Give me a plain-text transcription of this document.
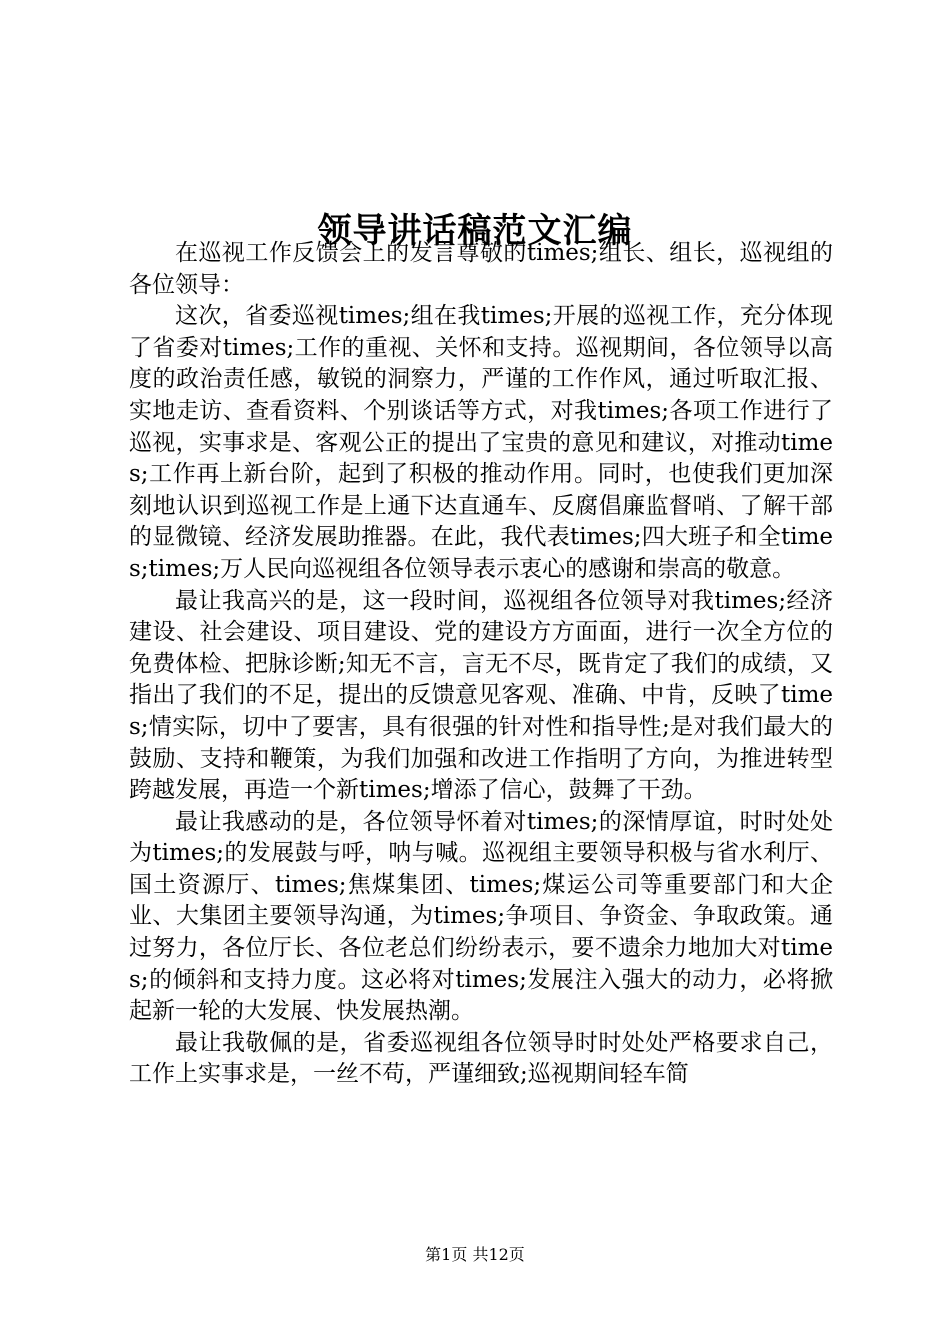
领导讲话稿范文汇编

在巡视工作反馈会上的发言尊敬的times;组长、组长，巡视组的各位领导：

这次，省委巡视times;组在我times;开展的巡视工作，充分体现了省委对times;工作的重视、关怀和支持。巡视期间，各位领导以高度的政治责任感，敏锐的洞察力，严谨的工作作风，通过听取汇报、实地走访、查看资料、个别谈话等方式，对我times;各项工作进行了巡视，实事求是、客观公正的提出了宝贵的意见和建议，对推动times;工作再上新台阶，起到了积极的推动作用。同时，也使我们更加深刻地认识到巡视工作是上通下达直通车、反腐倡廉监督哨、了解干部的显微镜、经济发展助推器。在此，我代表times;四大班子和全times;times;万人民向巡视组各位领导表示衷心的感谢和崇高的敬意。

最让我高兴的是，这一段时间，巡视组各位领导对我times;经济建设、社会建设、项目建设、党的建设方方面面，进行一次全方位的免费体检、把脉诊断;知无不言，言无不尽，既肯定了我们的成绩，又指出了我们的不足，提出的反馈意见客观、准确、中肯，反映了times;情实际，切中了要害，具有很强的针对性和指导性;是对我们最大的鼓励、支持和鞭策，为我们加强和改进工作指明了方向，为推进转型跨越发展，再造一个新times;增添了信心，鼓舞了干劲。

最让我感动的是，各位领导怀着对times;的深情厚谊，时时处处为times;的发展鼓与呼，呐与喊。巡视组主要领导积极与省水利厅、国土资源厅、times;焦煤集团、times;煤运公司等重要部门和大企业、大集团主要领导沟通，为times;争项目、争资金、争取政策。通过努力，各位厅长、各位老总们纷纷表示，要不遗余力地加大对times;的倾斜和支持力度。这必将对times;发展注入强大的动力，必将掀起新一轮的大发展、快发展热潮。

最让我敬佩的是，省委巡视组各位领导时时处处严格要求自己，工作上实事求是，一丝不苟，严谨细致;巡视期间轻车简

第1页 共12页
